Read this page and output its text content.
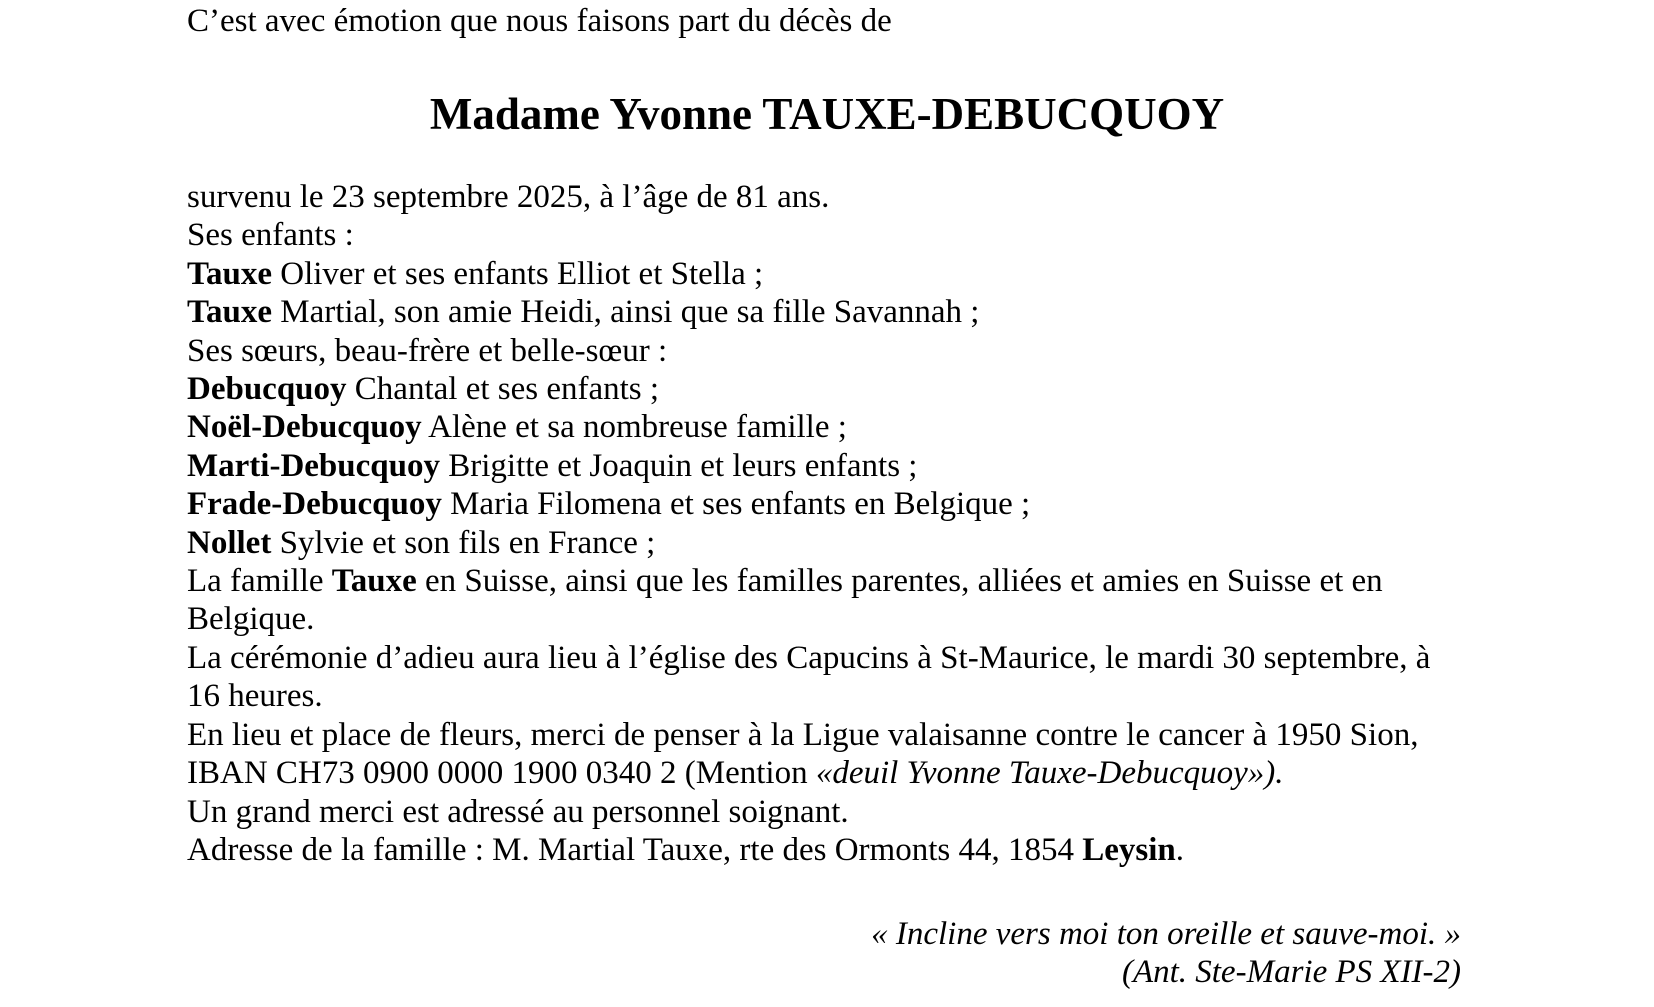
C’est avec émotion que nous faisons part du décès de
Madame Yvonne TAUXE-DEBUCQUOY
survenu le 23 septembre 2025, à l’âge de 81 ans.
Ses enfants :
Tauxe Oliver et ses enfants Elliot et Stella ;
Tauxe Martial, son amie Heidi, ainsi que sa fille Savannah ;
Ses sœurs, beau-frère et belle-sœur :
Debucquoy Chantal et ses enfants ;
Noël-Debucquoy Alène et sa nombreuse famille ;
Marti-Debucquoy Brigitte et Joaquin et leurs enfants ;
Frade-Debucquoy Maria Filomena et ses enfants en Belgique ;
Nollet Sylvie et son fils en France ;
La famille Tauxe en Suisse, ainsi que les familles parentes, alliées et amies en Suisse et en
Belgique.
La cérémonie d’adieu aura lieu à l’église des Capucins à St-Maurice, le mardi 30 septembre, à
16 heures.
En lieu et place de fleurs, merci de penser à la Ligue valaisanne contre le cancer à 1950 Sion,
IBAN CH73 0900 0000 1900 0340 2 (Mention «deuil Yvonne Tauxe-Debucquoy»).
Un grand merci est adressé au personnel soignant.
Adresse de la famille : M. Martial Tauxe, rte des Ormonts 44, 1854 Leysin.
« Incline vers moi ton oreille et sauve-moi. »
(Ant. Ste-Marie PS XII-2)
